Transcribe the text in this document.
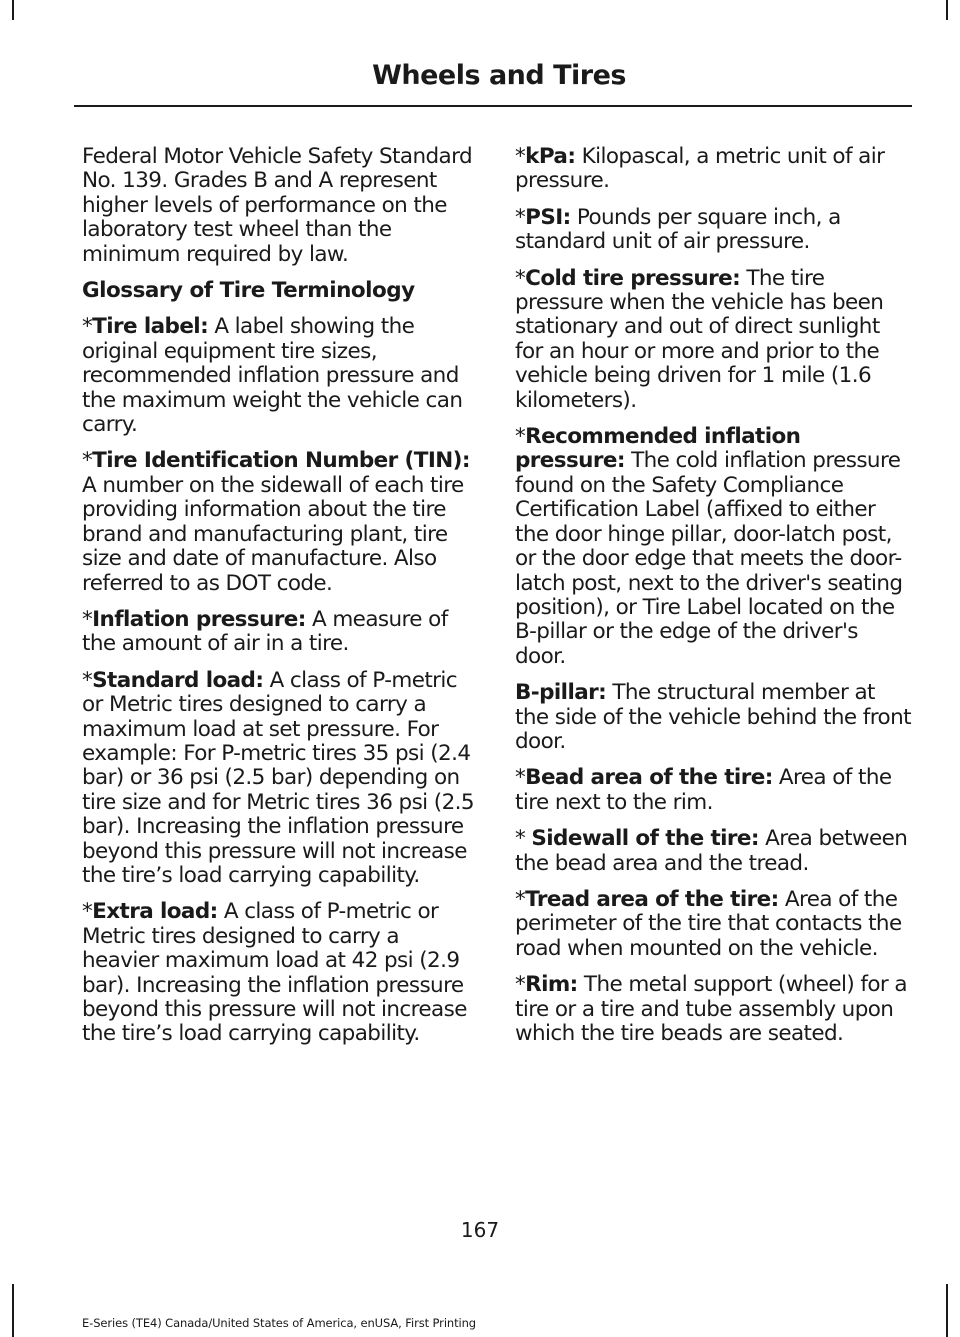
Wheels and Tires

Federal Motor Vehicle Safety Standard No. 139. Grades B and A represent higher levels of performance on the laboratory test wheel than the minimum required by law.

Glossary of Tire Terminology

*Tire label: A label showing the original equipment tire sizes, recommended inflation pressure and the maximum weight the vehicle can carry.

*Tire Identification Number (TIN): A number on the sidewall of each tire providing information about the tire brand and manufacturing plant, tire size and date of manufacture. Also referred to as DOT code.

*Inflation pressure: A measure of the amount of air in a tire.

*Standard load: A class of P-metric or Metric tires designed to carry a maximum load at set pressure. For example: For P-metric tires 35 psi (2.4 bar) or 36 psi (2.5 bar) depending on tire size and for Metric tires 36 psi (2.5 bar). Increasing the inflation pressure beyond this pressure will not increase the tire’s load carrying capability.

*Extra load: A class of P-metric or Metric tires designed to carry a heavier maximum load at 42 psi (2.9 bar). Increasing the inflation pressure beyond this pressure will not increase the tire’s load carrying capability.

*kPa: Kilopascal, a metric unit of air pressure.

*PSI: Pounds per square inch, a standard unit of air pressure.

*Cold tire pressure: The tire pressure when the vehicle has been stationary and out of direct sunlight for an hour or more and prior to the vehicle being driven for 1 mile (1.6 kilometers).

*Recommended inflation pressure: The cold inflation pressure found on the Safety Compliance Certification Label (affixed to either the door hinge pillar, door-latch post, or the door edge that meets the door-latch post, next to the driver's seating position), or Tire Label located on the B-pillar or the edge of the driver's door.

B-pillar: The structural member at the side of the vehicle behind the front door.

*Bead area of the tire: Area of the tire next to the rim.

* Sidewall of the tire: Area between the bead area and the tread.

*Tread area of the tire: Area of the perimeter of the tire that contacts the road when mounted on the vehicle.

*Rim: The metal support (wheel) for a tire or a tire and tube assembly upon which the tire beads are seated.

167
E-Series (TE4) Canada/United States of America, enUSA, First Printing
